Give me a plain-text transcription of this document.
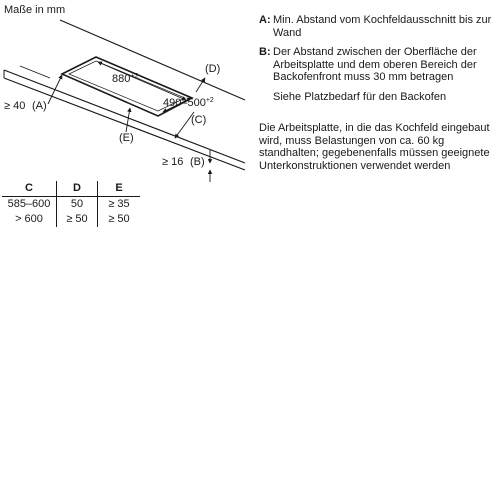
Maße in mm
$880^{+2}$
$490-500^{+2}$
(D)
(C)
(E)
≥ 40 (A)
≥ 16 (B)
C	D	E
585–600	50	≥ 35
> 600	≥ 50	≥ 50
A: Min. Abstand vom Kochfeldausschnitt bis zur Wand
B: Der Abstand zwischen der Oberfläche der Arbeitsplatte und dem oberen Bereich der Backofenfront muss 30 mm betragen
Siehe Platzbedarf für den Backofen

Die Arbeitsplatte, in die das Kochfeld eingebaut wird, muss Belastungen von ca. 60 kg standhalten; gegebenenfalls müssen geeignete Unterkonstruktionen verwendet werden
